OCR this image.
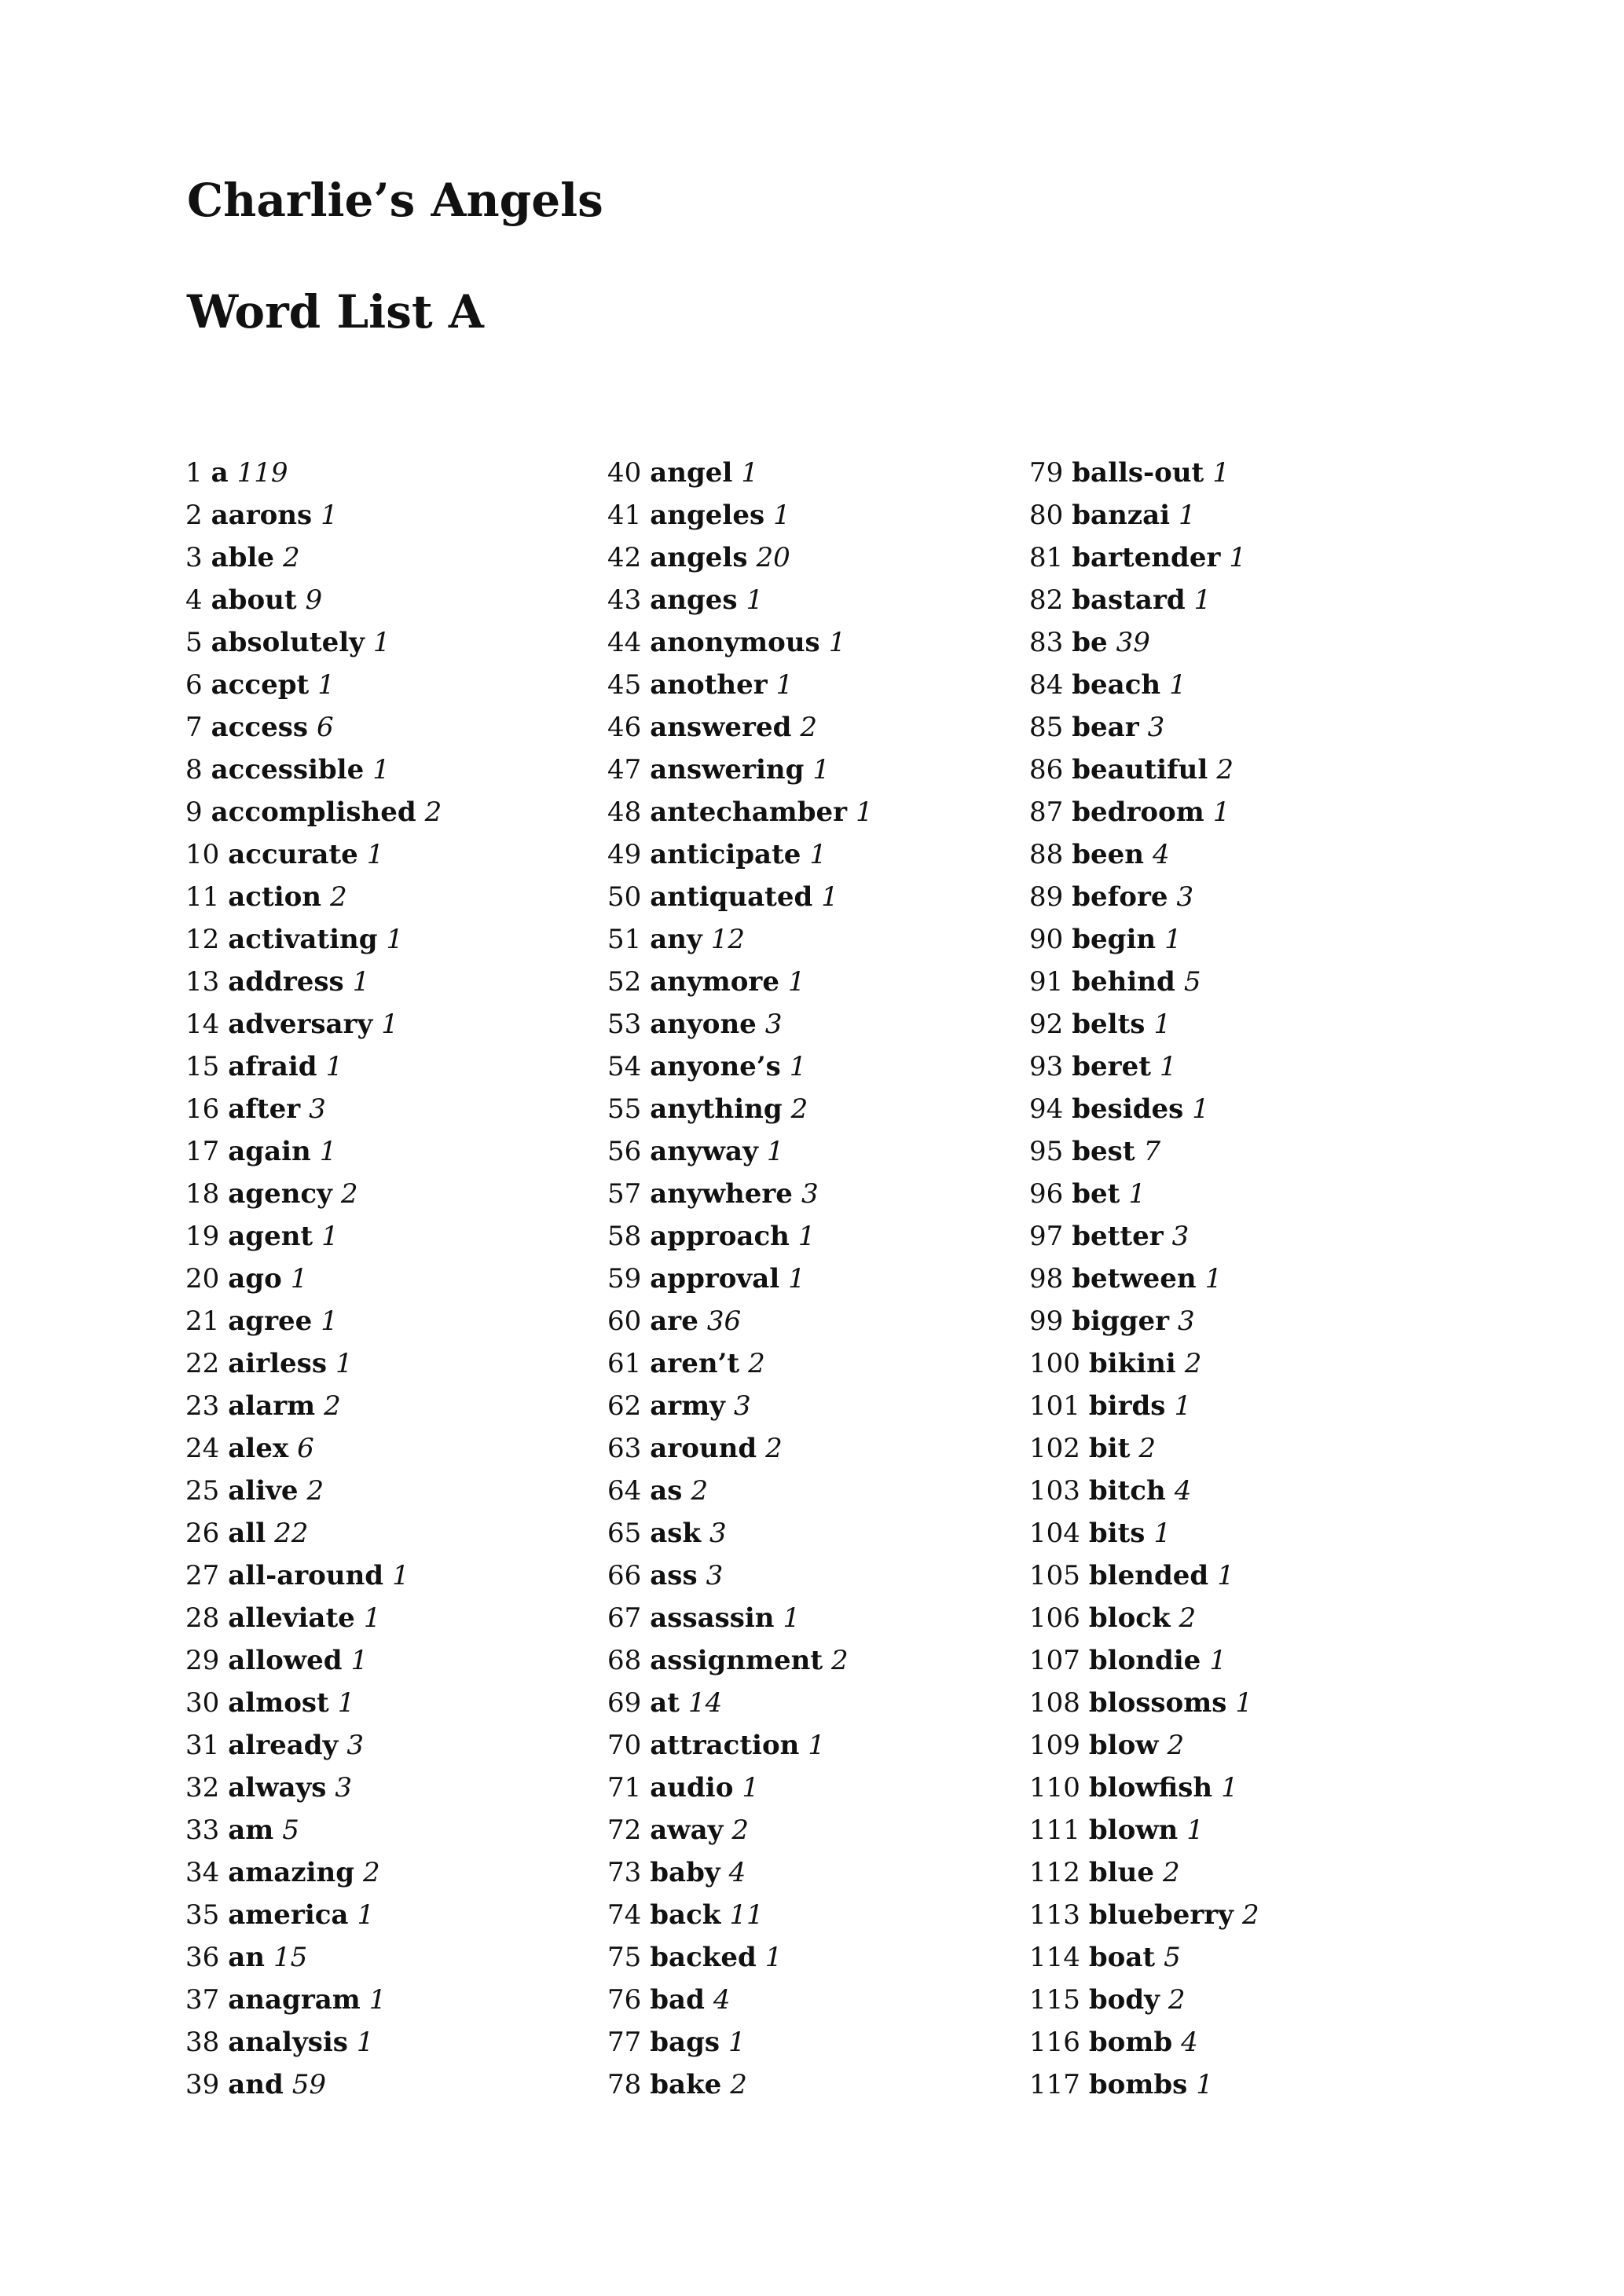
Charlie’s Angels
Word List A
1 a 119
2 aarons 1
3 able 2
4 about 9
5 absolutely 1
6 accept 1
7 access 6
8 accessible 1
9 accomplished 2
10 accurate 1
11 action 2
12 activating 1
13 address 1
14 adversary 1
15 afraid 1
16 after 3
17 again 1
18 agency 2
19 agent 1
20 ago 1
21 agree 1
22 airless 1
23 alarm 2
24 alex 6
25 alive 2
26 all 22
27 all-around 1
28 alleviate 1
29 allowed 1
30 almost 1
31 already 3
32 always 3
33 am 5
34 amazing 2
35 america 1
36 an 15
37 anagram 1
38 analysis 1
39 and 59
40 angel 1
41 angeles 1
42 angels 20
43 anges 1
44 anonymous 1
45 another 1
46 answered 2
47 answering 1
48 antechamber 1
49 anticipate 1
50 antiquated 1
51 any 12
52 anymore 1
53 anyone 3
54 anyone’s 1
55 anything 2
56 anyway 1
57 anywhere 3
58 approach 1
59 approval 1
60 are 36
61 aren’t 2
62 army 3
63 around 2
64 as 2
65 ask 3
66 ass 3
67 assassin 1
68 assignment 2
69 at 14
70 attraction 1
71 audio 1
72 away 2
73 baby 4
74 back 11
75 backed 1
76 bad 4
77 bags 1
78 bake 2
79 balls-out 1
80 banzai 1
81 bartender 1
82 bastard 1
83 be 39
84 beach 1
85 bear 3
86 beautiful 2
87 bedroom 1
88 been 4
89 before 3
90 begin 1
91 behind 5
92 belts 1
93 beret 1
94 besides 1
95 best 7
96 bet 1
97 better 3
98 between 1
99 bigger 3
100 bikini 2
101 birds 1
102 bit 2
103 bitch 4
104 bits 1
105 blended 1
106 block 2
107 blondie 1
108 blossoms 1
109 blow 2
110 blowfish 1
111 blown 1
112 blue 2
113 blueberry 2
114 boat 5
115 body 2
116 bomb 4
117 bombs 1
